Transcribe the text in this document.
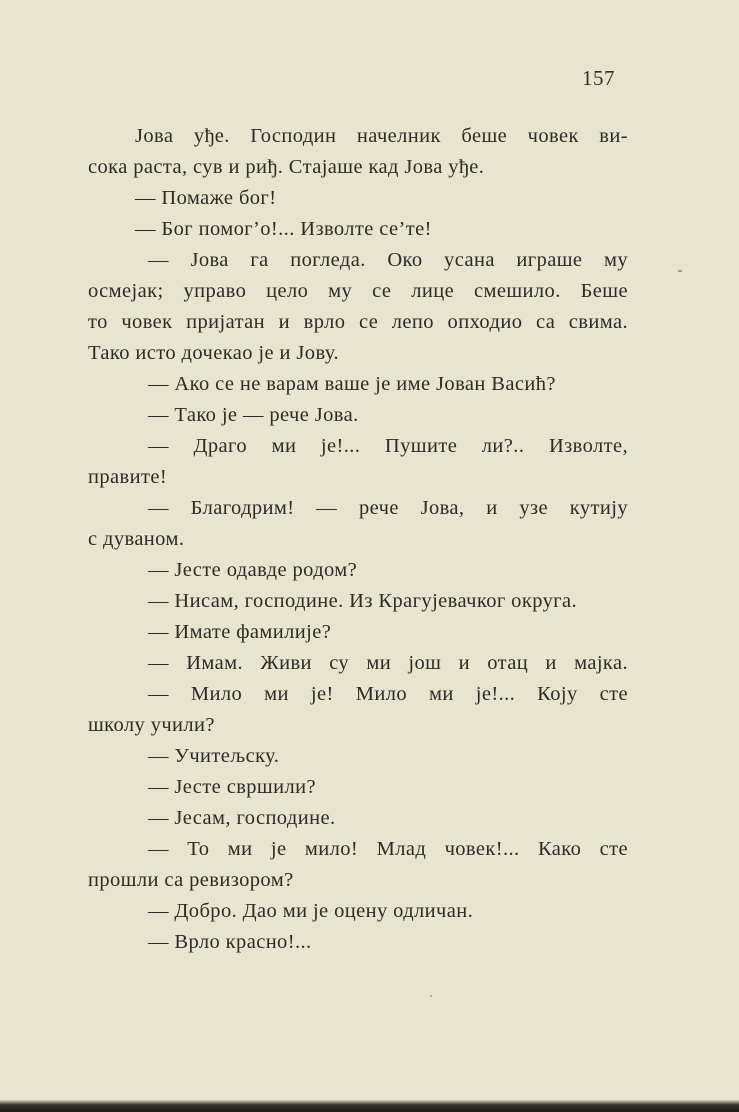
157
Јова уђе. Господин начелник беше човек ви-
сока раста, сув и риђ. Стајаше кад Јова уђе.
— Помаже бог!
— Бог помог’о!... Изволте се’те!
— Јова га погледа. Око усана играше му
осмејак; управо цело му се лице смешило. Беше
то човек пријатан и врло се лепо опходио са свима.
Тако исто дочекао је и Јову.
— Ако се не варам ваше је име Јован Васић?
— Тако је — рече Јова.
— Драго ми је!... Пушите ли?.. Изволте,
правите!
— Благодрим! — рече Јова, и узе кутију
с дуваном.
— Јесте одавде родом?
— Нисам, господине. Из Крагујевачког округа.
— Имате фамилије?
— Имам. Живи су ми још и отац и мајка.
— Мило ми је! Мило ми је!... Коју сте
школу учили?
— Учитељску.
— Јесте свршили?
— Јесам, господине.
— То ми је мило! Млад човек!... Како сте
прошли са ревизором?
— Добро. Дао ми је оцену одличан.
— Врло красно!...
